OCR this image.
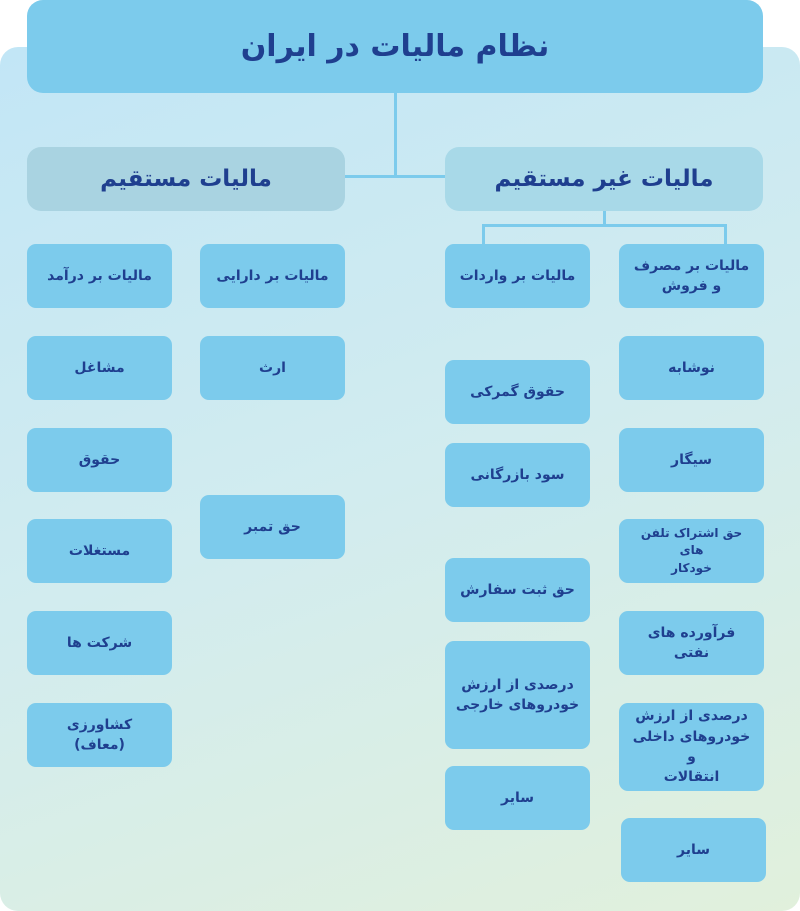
نظام مالیات در ایران
مالیات مستقیم	مالیات غیر مستقیم
مالیات بر درآمد
مشاغل
حقوق
مستغلات
شرکت ها
کشاورزی
(معاف)
مالیات بر دارایی
ارث
حق تمبر
مالیات بر واردات
حقوق گمرکی
سود بازرگانی
حق ثبت سفارش
درصدی از ارزش
خودروهای خارجی
سایر
مالیات بر مصرف
و فروش
نوشابه
سیگار
حق اشتراک تلفن های
خودکار
فرآورده های نفتی
درصدی از ارزش
خودروهای داخلی و
انتقالات
سایر
